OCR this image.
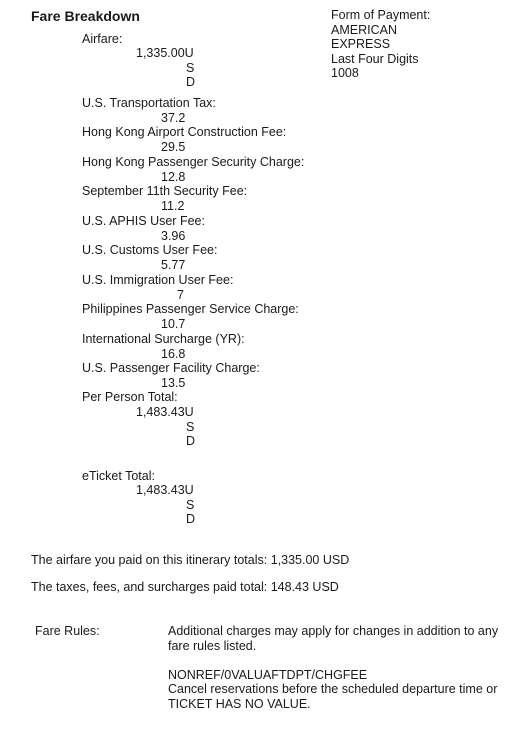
Fare Breakdown	Form of Payment:
AMERICAN
EXPRESS
Last Four Digits
1008
Airfare:
1,335.00U
S
D
U.S. Transportation Tax:
37.2
Hong Kong Airport Construction Fee:
29.5
Hong Kong Passenger Security Charge:
12.8
September 11th Security Fee:
11.2
U.S. APHIS User Fee:
3.96
U.S. Customs User Fee:
5.77
U.S. Immigration User Fee:
7
Philippines Passenger Service Charge:
10.7
International Surcharge (YR):
16.8
U.S. Passenger Facility Charge:
13.5
Per Person Total:
1,483.43U
S
D
eTicket Total:
1,483.43U
S
D
The airfare you paid on this itinerary totals: 1,335.00 USD
The taxes, fees, and surcharges paid total: 148.43 USD
Fare Rules:	Additional charges may apply for changes in addition to any fare rules listed.

NONREF/0VALUAFTDPT/CHGFEE
Cancel reservations before the scheduled departure time or TICKET HAS NO VALUE.
